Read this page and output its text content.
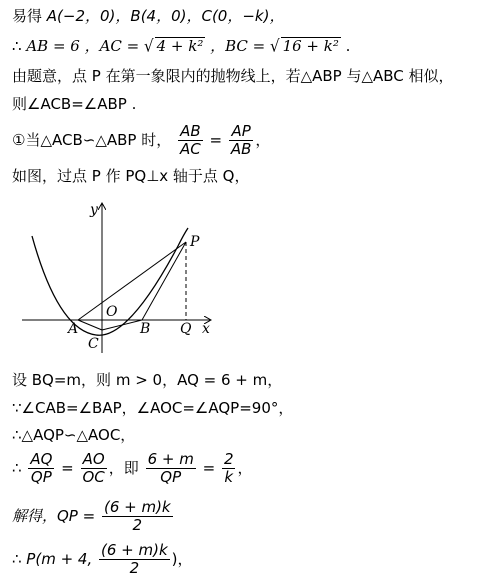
易得 A(−2，0)，B(4，0)，C(0，−k)，
∴ AB = 6 ，AC = √ 4 + k² ，BC = √ 16 + k² .
由题意，点 P 在第一象限内的抛物线上，若△ABP 与△ABC 相似，
则∠ACB=∠ABP .
①当△ACB∽△ABP 时， $\frac{AB}{AC} = \frac{AP}{AB}$ ，
如图，过点 P 作 PQ⊥x 轴于点 Q，
y
x
O
A	B
C
P
Q
设 BQ=m，则 m > 0，AQ = 6 + m，
∵∠CAB=∠BAP，∠AOC=∠AQP=90°，
∴△AQP∽△AOC，
∴ $\frac{AQ}{QP} = \frac{AO}{OC}$ ，即 $\frac{6 + m}{QP} = \frac{2}{k}$ ，
解得，QP = $\frac{(6 + m)k}{2}$
∴ P(m + 4, $\frac{(6 + m)k}{2}$ )，
